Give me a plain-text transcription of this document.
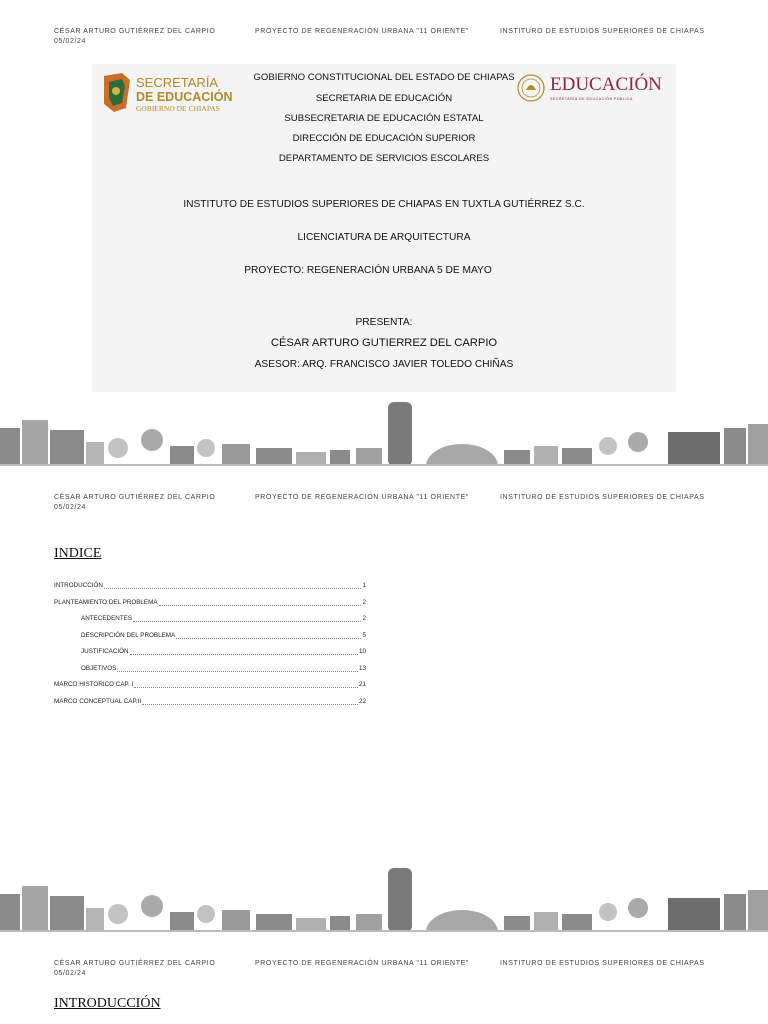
CÉSAR ARTURO GUTIÉRREZ DEL CARPIO
05/02/24
PROYECTO DE REGENERACIÓN URBANA "11 ORIENTE"	INSTITURO DE ESTUDIOS SUPERIORES DE CHIAPAS
SECRETARÍA
DE EDUCACIÓN
GOBIERNO DE CHIAPAS
GOBIERNO CONSTITUCIONAL DEL ESTADO DE CHIAPAS
SECRETARIA DE EDUCACIÓN
SUBSECRETARIA DE EDUCACIÓN ESTATAL
DIRECCIÓN DE EDUCACIÓN SUPERIOR
DEPARTAMENTO DE SERVICIOS ESCOLARES
INSTITUTO DE ESTUDIOS SUPERIORES DE CHIAPAS EN TUXTLA GUTIÉRREZ S.C.
LICENCIATURA DE ARQUITECTURA
PROYECTO: REGENERACIÓN URBANA 5 DE MAYO
PRESENTA:
CÉSAR ARTURO GUTIERREZ DEL CARPIO
ASESOR: ARQ. FRANCISCO JAVIER TOLEDO CHIÑAS
EDUCACIÓN
SECRETARÍA DE EDUCACIÓN PÚBLICA
CÉSAR ARTURO GUTIÉRREZ DEL CARPIO
05/02/24
PROYECTO DE REGENERACIÓN URBANA "11 ORIENTE"	INSTITURO DE ESTUDIOS SUPERIORES DE CHIAPAS
INDICE
INTRODUCCIÓN	1
PLANTEAMIENTO DEL PROBLEMA	2
ANTECEDENTES	2
DESCRIPCIÓN DEL PROBLEMA	5
JUSTIFICACIÓN	10
OBJETIVOS	13
MARCO HISTORICO CAP. I	21
MARCO CONCEPTUAL CAP.II	22
CÉSAR ARTURO GUTIÉRREZ DEL CARPIO
05/02/24
PROYECTO DE REGENERACIÓN URBANA "11 ORIENTE"	INSTITURO DE ESTUDIOS SUPERIORES DE CHIAPAS
INTRODUCCIÓN
